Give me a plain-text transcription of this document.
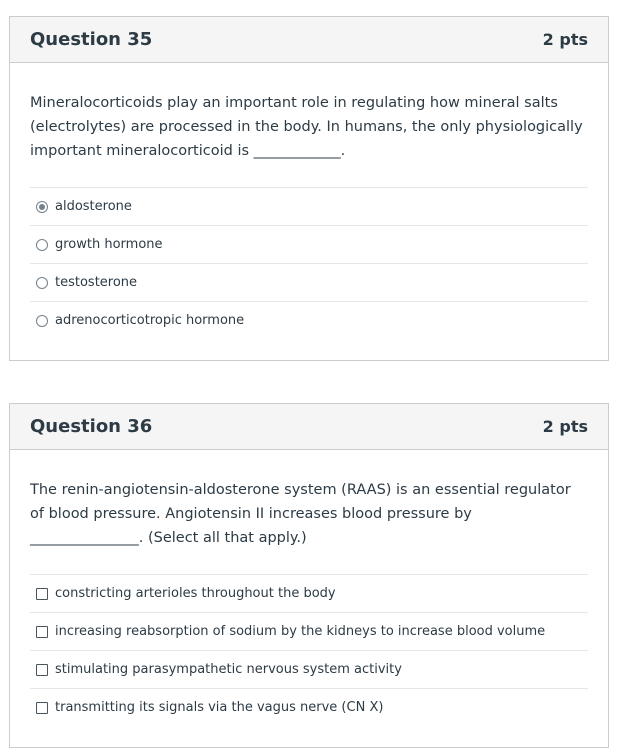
Question 35	2 pts

Mineralocorticoids play an important role in regulating how mineral salts (electrolytes) are processed in the body. In humans, the only physiologically important mineralocorticoid is ____________.

aldosterone
growth hormone
testosterone
adrenocorticotropic hormone
Question 36	2 pts

The renin-angiotensin-aldosterone system (RAAS) is an essential regulator of blood pressure. Angiotensin II increases blood pressure by _______________. (Select all that apply.)

constricting arterioles throughout the body
increasing reabsorption of sodium by the kidneys to increase blood volume
stimulating parasympathetic nervous system activity
transmitting its signals via the vagus nerve (CN X)
